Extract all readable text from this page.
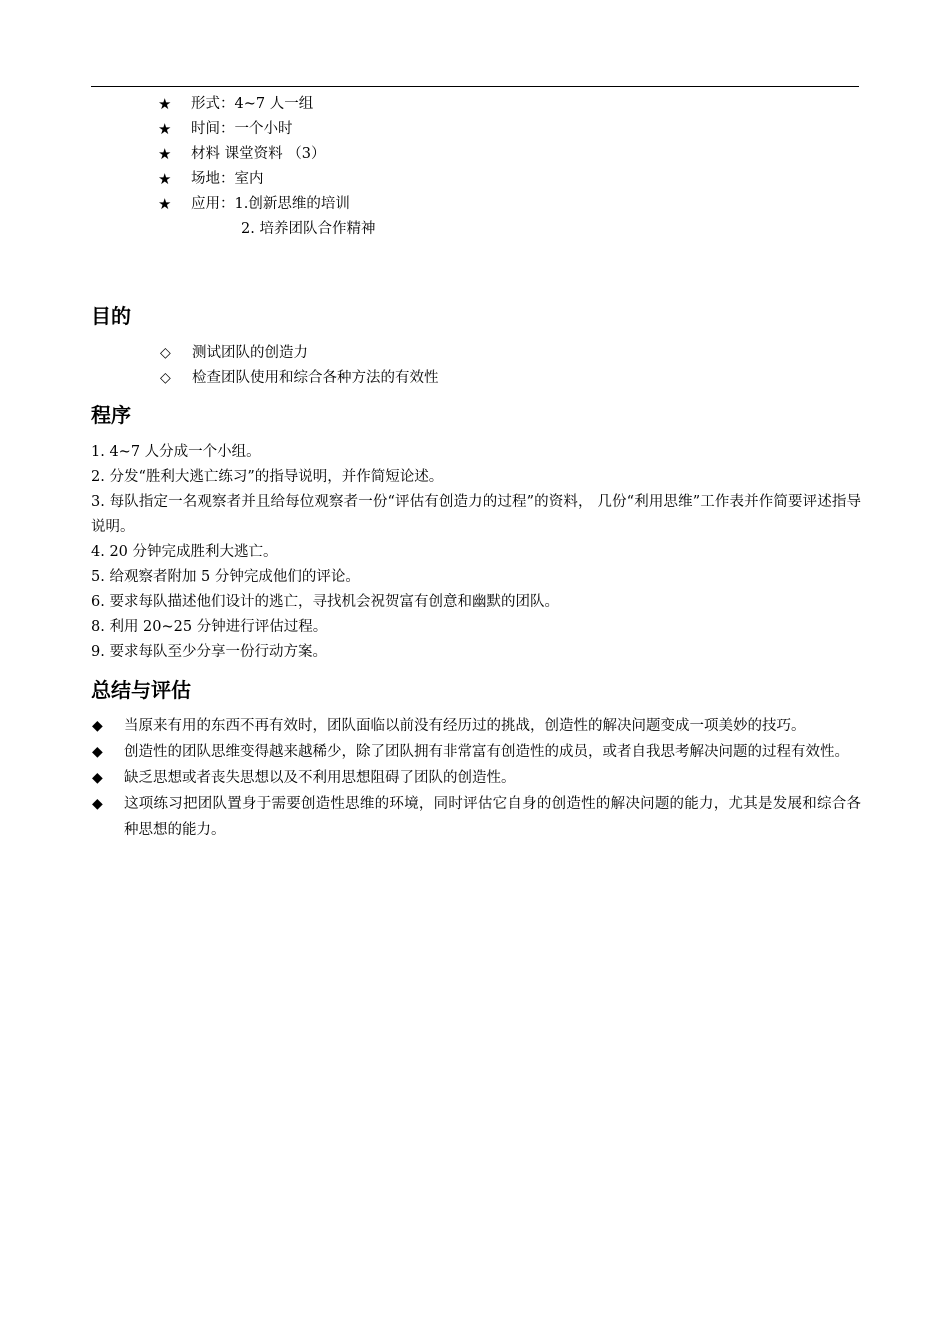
★	形式：4~7 人一组
★	时间：一个小时
★	材料 课堂资料 （3）
★	场地：室内
★	应用：1.创新思维的培训
2. 培养团队合作精神
目的
◇ 测试团队的创造力
◇ 检查团队使用和综合各种方法的有效性
程序
1. 4~7 人分成一个小组。
2. 分发“胜利大逃亡练习”的指导说明，并作简短论述。
3. 每队指定一名观察者并且给每位观察者一份“评估有创造力的过程”的资料， 几份“利用思维”工作表并作简要评述指导说明。
4. 20 分钟完成胜利大逃亡。
5. 给观察者附加 5 分钟完成他们的评论。
6. 要求每队描述他们设计的逃亡，寻找机会祝贺富有创意和幽默的团队。
8. 利用 20~25 分钟进行评估过程。
9. 要求每队至少分享一份行动方案。
总结与评估
◆ 当原来有用的东西不再有效时，团队面临以前没有经历过的挑战，创造性的解决问题变成一项美妙的技巧。
◆ 创造性的团队思维变得越来越稀少，除了团队拥有非常富有创造性的成员，或者自我思考解决问题的过程有效性。
◆ 缺乏思想或者丧失思想以及不利用思想阻碍了团队的创造性。
◆ 这项练习把团队置身于需要创造性思维的环境，同时评估它自身的创造性的解决问题的能力，尤其是发展和综合各种思想的能力。
